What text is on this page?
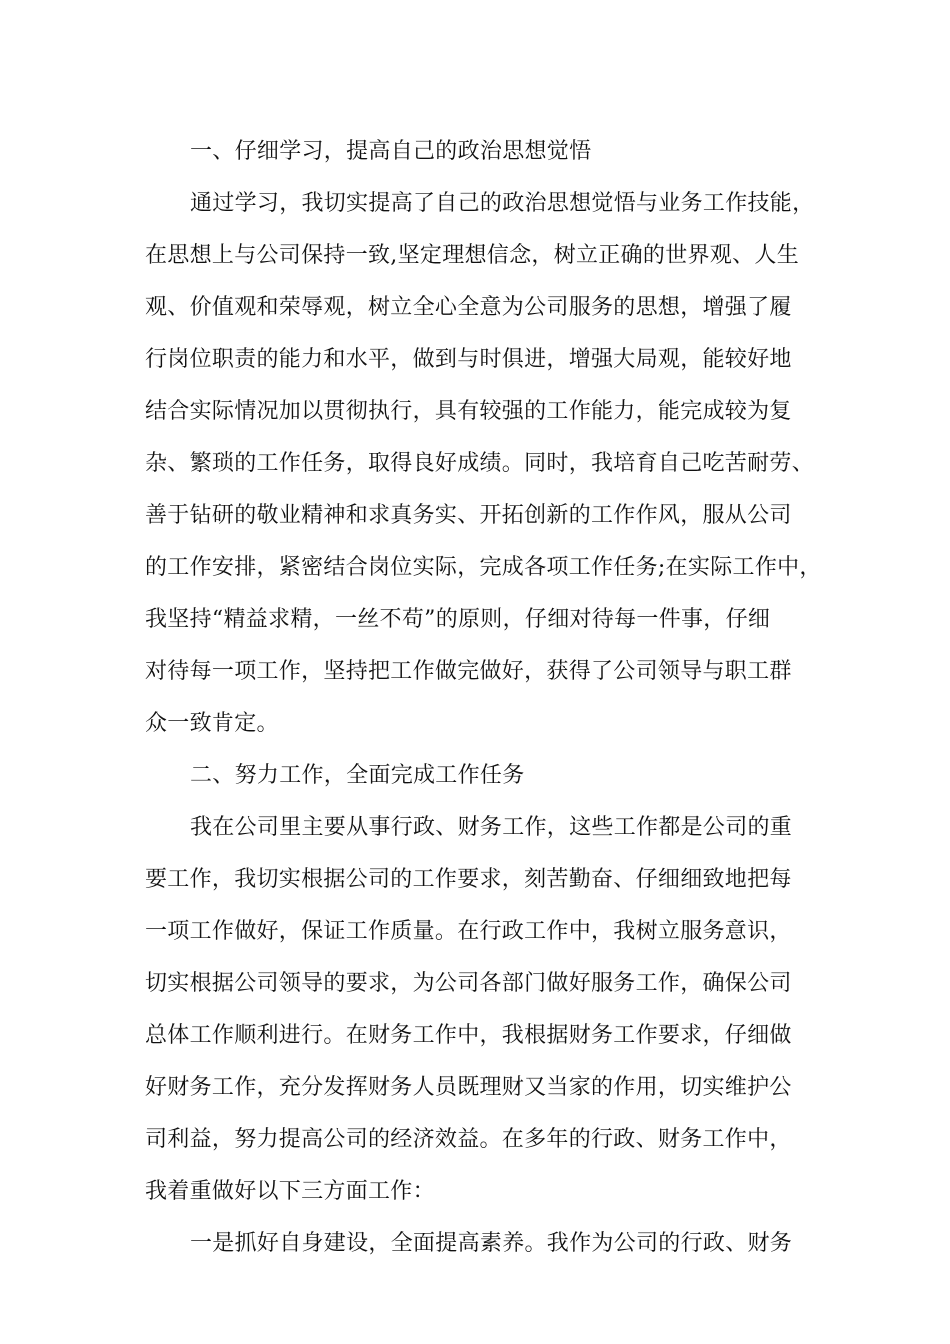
一、仔细学习，提高自己的政治思想觉悟
通过学习，我切实提高了自己的政治思想觉悟与业务工作技能，
在思想上与公司保持一致,坚定理想信念，树立正确的世界观、人生
观、价值观和荣辱观，树立全心全意为公司服务的思想，增强了履
行岗位职责的能力和水平，做到与时俱进，增强大局观，能较好地
结合实际情况加以贯彻执行，具有较强的工作能力，能完成较为复
杂、繁琐的工作任务，取得良好成绩。同时，我培育自己吃苦耐劳、
善于钻研的敬业精神和求真务实、开拓创新的工作作风，服从公司
的工作安排，紧密结合岗位实际，完成各项工作任务;在实际工作中，
我坚持“精益求精，一丝不苟”的原则，仔细对待每一件事，仔细
对待每一项工作，坚持把工作做完做好，获得了公司领导与职工群
众一致肯定。
二、努力工作，全面完成工作任务
我在公司里主要从事行政、财务工作，这些工作都是公司的重
要工作，我切实根据公司的工作要求，刻苦勤奋、仔细细致地把每
一项工作做好，保证工作质量。在行政工作中，我树立服务意识，
切实根据公司领导的要求，为公司各部门做好服务工作，确保公司
总体工作顺利进行。在财务工作中，我根据财务工作要求，仔细做
好财务工作，充分发挥财务人员既理财又当家的作用，切实维护公
司利益，努力提高公司的经济效益。在多年的行政、财务工作中，
我着重做好以下三方面工作：
一是抓好自身建设，全面提高素养。我作为公司的行政、财务
